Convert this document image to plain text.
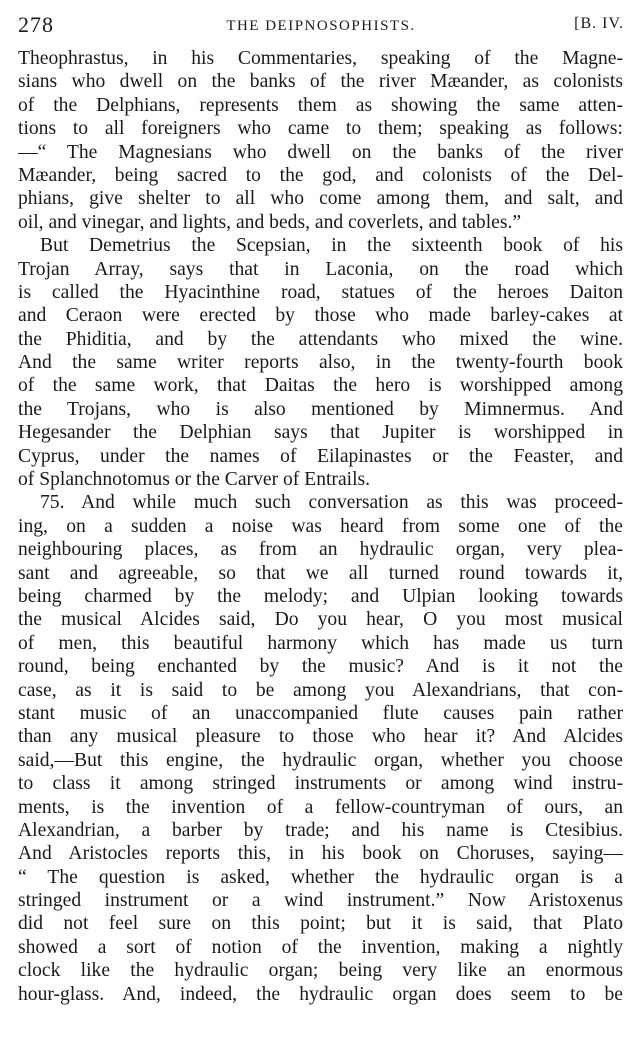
278	THE DEIPNOSOPHISTS.	[B. IV.
Theophrastus, in his Commentaries, speaking of the Magne-
sians who dwell on the banks of the river Mæander, as colonists
of the Delphians, represents them as showing the same atten-
tions to all foreigners who came to them; speaking as follows:
—“ The Magnesians who dwell on the banks of the river
Mæander, being sacred to the god, and colonists of the Del-
phians, give shelter to all who come among them, and salt, and
oil, and vinegar, and lights, and beds, and coverlets, and tables.”
But Demetrius the Scepsian, in the sixteenth book of his
Trojan Array, says that in Laconia, on the road which
is called the Hyacinthine road, statues of the heroes Daiton
and Ceraon were erected by those who made barley-cakes at
the Phiditia, and by the attendants who mixed the wine.
And the same writer reports also, in the twenty-fourth book
of the same work, that Daitas the hero is worshipped among
the Trojans, who is also mentioned by Mimnermus. And
Hegesander the Delphian says that Jupiter is worshipped in
Cyprus, under the names of Eilapinastes or the Feaster, and
of Splanchnotomus or the Carver of Entrails.
75. And while much such conversation as this was proceed-
ing, on a sudden a noise was heard from some one of the
neighbouring places, as from an hydraulic organ, very plea-
sant and agreeable, so that we all turned round towards it,
being charmed by the melody; and Ulpian looking towards
the musical Alcides said, Do you hear, O you most musical
of men, this beautiful harmony which has made us turn
round, being enchanted by the music? And is it not the
case, as it is said to be among you Alexandrians, that con-
stant music of an unaccompanied flute causes pain rather
than any musical pleasure to those who hear it? And Alcides
said,—But this engine, the hydraulic organ, whether you choose
to class it among stringed instruments or among wind instru-
ments, is the invention of a fellow-countryman of ours, an
Alexandrian, a barber by trade; and his name is Ctesibius.
And Aristocles reports this, in his book on Choruses, saying—
“ The question is asked, whether the hydraulic organ is a
stringed instrument or a wind instrument.” Now Aristoxenus
did not feel sure on this point; but it is said, that Plato
showed a sort of notion of the invention, making a nightly
clock like the hydraulic organ; being very like an enormous
hour-glass. And, indeed, the hydraulic organ does seem to be
